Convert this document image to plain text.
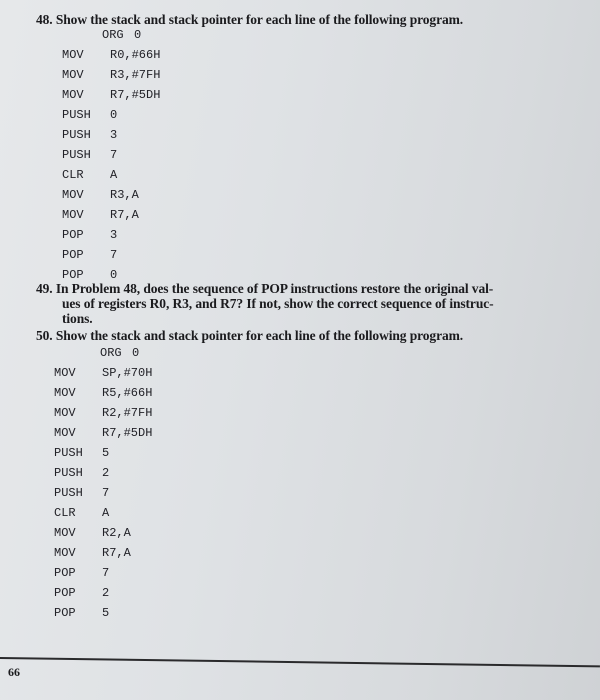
48. Show the stack and stack pointer for each line of the following program.
ORG 0
MOV R0,#66H
MOV R3,#7FH
MOV R7,#5DH
PUSH 0
PUSH 3
PUSH 7
CLR A
MOV R3,A
MOV R7,A
POP 3
POP 7
POP 0
49. In Problem 48, does the sequence of POP instructions restore the original val-
ues of registers R0, R3, and R7? If not, show the correct sequence of instruc-
tions.
50. Show the stack and stack pointer for each line of the following program.
ORG 0
MOV SP,#70H
MOV R5,#66H
MOV R2,#7FH
MOV R7,#5DH
PUSH 5
PUSH 2
PUSH 7
CLR A
MOV R2,A
MOV R7,A
POP 7
POP 2
POP 5
66
